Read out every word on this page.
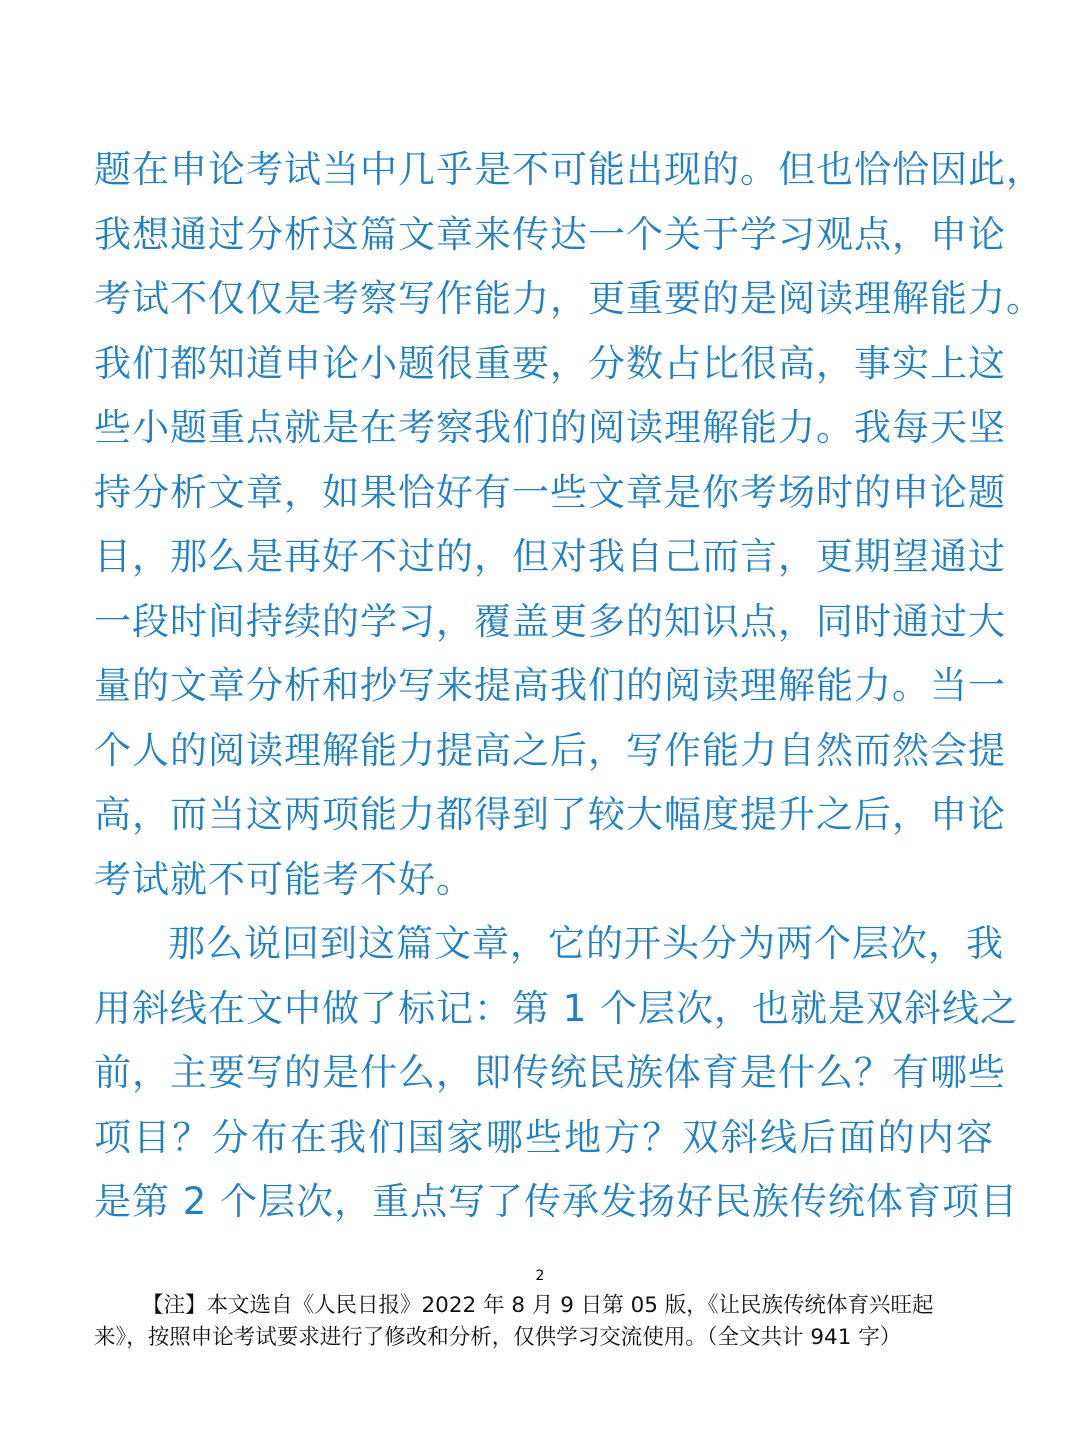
题在申论考试当中几乎是不可能出现的。但也恰恰因此，
我想通过分析这篇文章来传达一个关于学习观点，申论
考试不仅仅是考察写作能力，更重要的是阅读理解能力。
我们都知道申论小题很重要，分数占比很高，事实上这
些小题重点就是在考察我们的阅读理解能力。我每天坚
持分析文章，如果恰好有一些文章是你考场时的申论题
目，那么是再好不过的，但对我自己而言，更期望通过
一段时间持续的学习，覆盖更多的知识点，同时通过大
量的文章分析和抄写来提高我们的阅读理解能力。当一
个人的阅读理解能力提高之后，写作能力自然而然会提
高，而当这两项能力都得到了较大幅度提升之后，申论
考试就不可能考不好。
那么说回到这篇文章，它的开头分为两个层次，我
用斜线在文中做了标记：第 1 个层次，也就是双斜线之
前，主要写的是什么，即传统民族体育是什么？有哪些
项目？分布在我们国家哪些地方？双斜线后面的内容
是第 2 个层次，重点写了传承发扬好民族传统体育项目
2
【注】本文选自《人民日报》2022 年 8 月 9 日第 05 版，《让民族传统体育兴旺起
来》，按照申论考试要求进行了修改和分析，仅供学习交流使用。（全文共计 941 字）
